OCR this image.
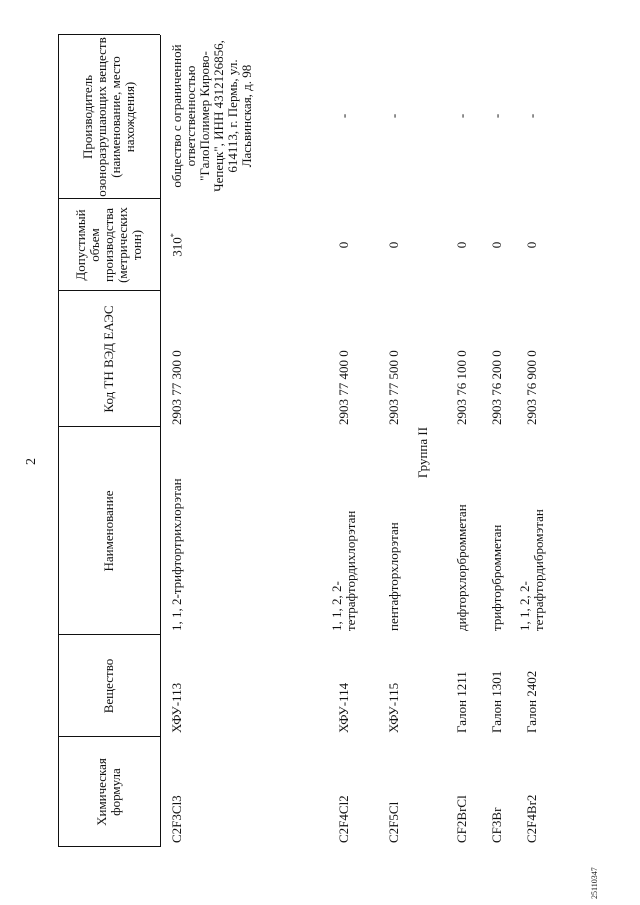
2
Химическая формула
Вещество
Наименование
Код ТН ВЭД ЕАЭС
Допустимый объем производства (метрических тонн)
Производитель озоноразрушающих веществ (наименование, место нахождения)
C2F3Cl3
ХФУ-113
1, 1, 2-трифтортрихлорэтан
2903 77 300 0
310*
общество с ограниченной ответственностью "ГалоПолимер Кирово-Чепецк", ИНН 4312126856, 614113, г. Пермь, ул. Ласьвинская, д. 98
C2F4Cl2
ХФУ-114
1, 1, 2, 2-тетрафтордихлорэтан
2903 77 400 0
0
-
C2F5Cl
ХФУ-115
пентафторхлорэтан
2903 77 500 0
0
-
Группа II
CF2BrCl
Галон 1211
дифторхлорбромметан
2903 76 100 0
0
-
CF3Br
Галон 1301
трифторбромметан
2903 76 200 0
0
-
C2F4Br2
Галон 2402
1, 1, 2, 2-тетрафтордибромэтан
2903 76 900 0
0
-
25110347
